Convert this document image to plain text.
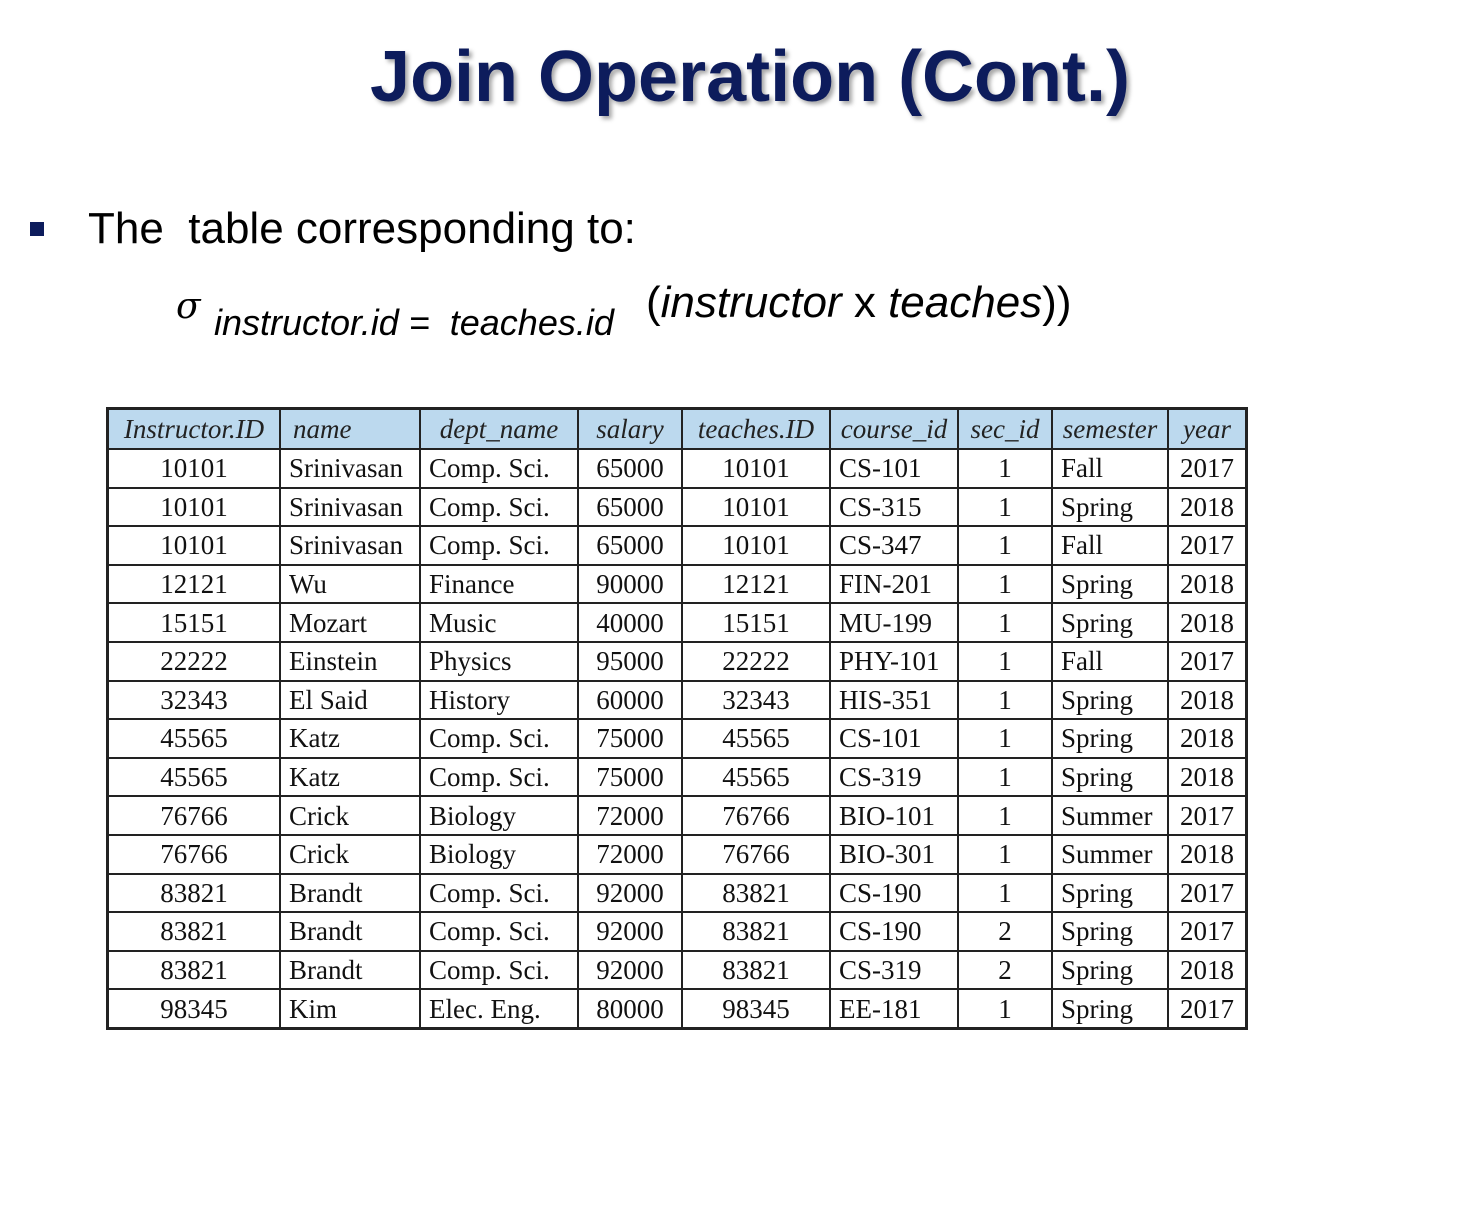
Join Operation (Cont.)
The  table corresponding to:
σ instructor.id =  teaches.id (instructor x teaches))
Instructor.ID	name	dept_name	salary	teaches.ID	course_id	sec_id	semester	year
10101	Srinivasan	Comp. Sci.	65000	10101	CS-101	1	Fall	2017
10101	Srinivasan	Comp. Sci.	65000	10101	CS-315	1	Spring	2018
10101	Srinivasan	Comp. Sci.	65000	10101	CS-347	1	Fall	2017
12121	Wu	Finance	90000	12121	FIN-201	1	Spring	2018
15151	Mozart	Music	40000	15151	MU-199	1	Spring	2018
22222	Einstein	Physics	95000	22222	PHY-101	1	Fall	2017
32343	El Said	History	60000	32343	HIS-351	1	Spring	2018
45565	Katz	Comp. Sci.	75000	45565	CS-101	1	Spring	2018
45565	Katz	Comp. Sci.	75000	45565	CS-319	1	Spring	2018
76766	Crick	Biology	72000	76766	BIO-101	1	Summer	2017
76766	Crick	Biology	72000	76766	BIO-301	1	Summer	2018
83821	Brandt	Comp. Sci.	92000	83821	CS-190	1	Spring	2017
83821	Brandt	Comp. Sci.	92000	83821	CS-190	2	Spring	2017
83821	Brandt	Comp. Sci.	92000	83821	CS-319	2	Spring	2018
98345	Kim	Elec. Eng.	80000	98345	EE-181	1	Spring	2017
